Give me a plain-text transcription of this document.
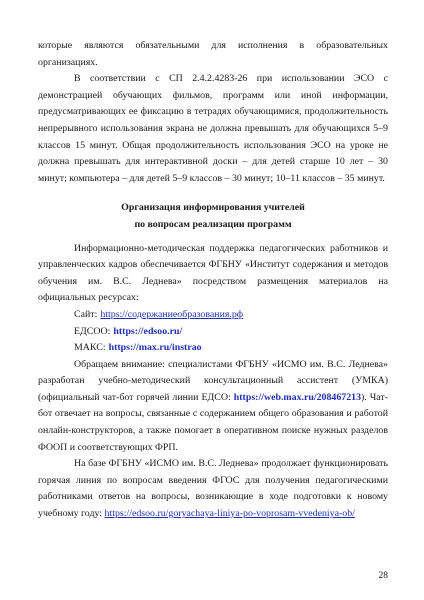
которые являются обязательными для исполнения в образовательных организациях.

В соответствии с СП 2.4.2.4283-26 при использовании ЭСО с демонстрацией обучающих фильмов, программ или иной информации, предусматривающих ее фиксацию в тетрадях обучающимися, продолжительность непрерывного использования экрана не должна превышать для обучающихся 5–9 классов 15 минут. Общая продолжительность использования ЭСО на уроке не должна превышать для интерактивной доски – для детей старше 10 лет – 30 минут; компьютера – для детей 5–9 классов – 30 минут; 10–11 классов – 35 минут.

Организация информирования учителей
по вопросам реализации программ

Информационно-методическая поддержка педагогических работников и управленческих кадров обеспечивается ФГБНУ «Институт содержания и методов обучения им. В.С. Леднева» посредством размещения материалов на официальных ресурсах:

Сайт: https://содержаниеобразования.рф
ЕДСОО: https://edsoo.ru/
МАКС: https://max.ru/instrao

Обращаем внимание: специалистами ФГБНУ «ИСМО им. В.С. Леднева» разработан учебно-методический консультационный ассистент (УМКА) (официальный чат-бот горячей линии ЕДСО: https://web.max.ru/208467213). Чат-бот отвечает на вопросы, связанные с содержанием общего образования и работой онлайн-конструкторов, а также помогает в оперативном поиске нужных разделов ФООП и соответствующих ФРП.

На базе ФГБНУ «ИСМО им. В.С. Леднева» продолжает функционировать горячая линия по вопросам введения ФГОС для получения педагогическими работниками ответов на вопросы, возникающие в ходе подготовки к новому учебному году: https://edsoo.ru/goryachaya-liniya-po-voprosam-vvedeniya-ob/

28
